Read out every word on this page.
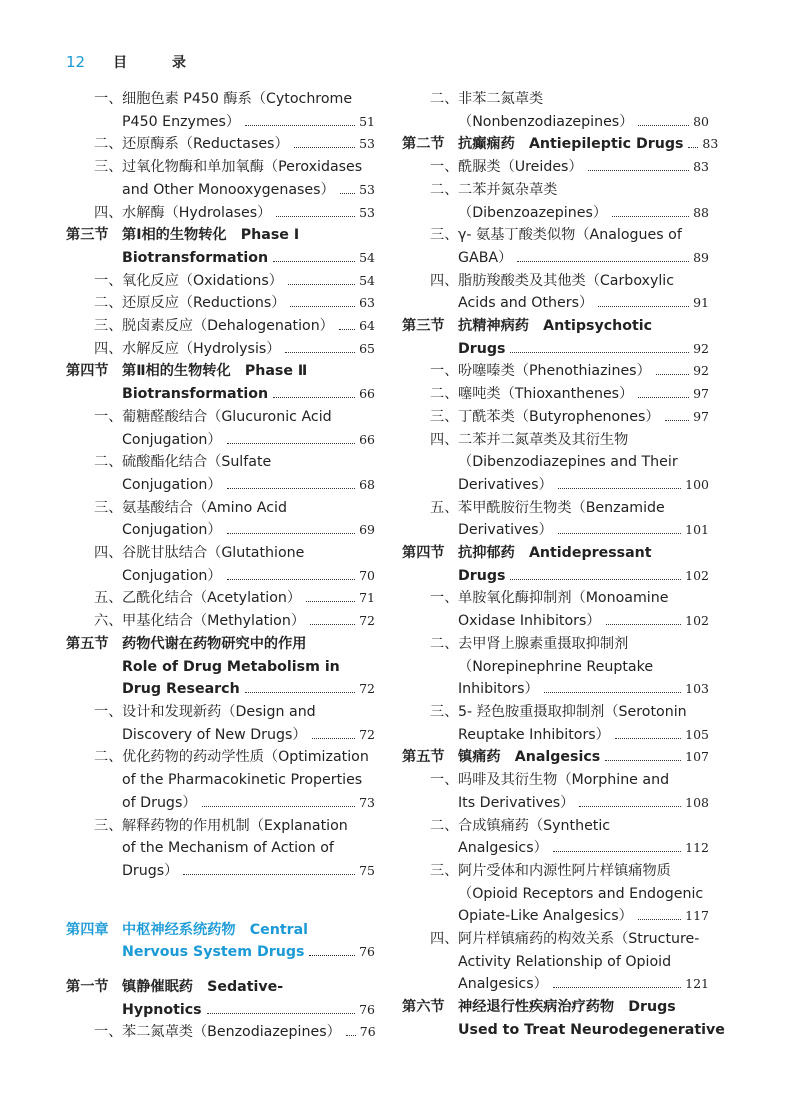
12 目 录
一、 细胞色素 P450 酶系（Cytochrome
P450 Enzymes）	51
二、 还原酶系（Reductases）	53
三、 过氧化物酶和单加氧酶（Peroxidases
and Other Monooxygenases） 53
四、 水解酶（Hydrolases）	53
第三节 第Ⅰ相的生物转化　Phase Ⅰ
Biotransformation	54
一、 氧化反应（Oxidations）	54
二、 还原反应（Reductions）	63
三、 脱卤素反应（Dehalogenation） 64
四、 水解反应（Hydrolysis）	65
第四节 第Ⅱ相的生物转化　Phase Ⅱ
Biotransformation	66
一、 葡糖醛酸结合（Glucuronic Acid
Conjugation）	66
二、 硫酸酯化结合（Sulfate
Conjugation）	68
三、 氨基酸结合（Amino Acid
Conjugation）	69
四、 谷胱甘肽结合（Glutathione
Conjugation）	70
五、 乙酰化结合（Acetylation）	71
六、 甲基化结合（Methylation）	72
第五节 药物代谢在药物研究中的作用
Role of Drug Metabolism in
Drug Research	72
一、 设计和发现新药（Design and
Discovery of New Drugs）	72
二、 优化药物的药动学性质（Optimization
of the Pharmacokinetic Properties
of Drugs）	73
三、 解释药物的作用机制（Explanation
of the Mechanism of Action of
Drugs）	75
第四章 中枢神经系统药物　Central
Nervous System Drugs	76
第一节 镇静催眠药　Sedative-
Hypnotics	76
一、 苯二氮䓬类（Benzodiazepines） 76
二、 非苯二氮䓬类
（Nonbenzodiazepines）	80
第二节 抗癫痫药　Antiepileptic Drugs 83
一、 酰脲类（Ureides）	83
二、 二苯并氮杂䓬类
（Dibenzoazepines）	88
三、 γ- 氨基丁酸类似物（Analogues of
GABA）	89
四、 脂肪羧酸类及其他类（Carboxylic
Acids and Others）	91
第三节 抗精神病药　Antipsychotic
Drugs	92
一、 吩噻嗪类（Phenothiazines）	92
二、 噻吨类（Thioxanthenes）	97
三、 丁酰苯类（Butyrophenones）	97
四、 二苯并二氮䓬类及其衍生物
（Dibenzodiazepines and Their
Derivatives）	100
五、 苯甲酰胺衍生物类（Benzamide
Derivatives）	101
第四节 抗抑郁药　Antidepressant
Drugs	102
一、 单胺氧化酶抑制剂（Monoamine
Oxidase Inhibitors）	102
二、 去甲肾上腺素重摄取抑制剂
（Norepinephrine Reuptake
Inhibitors）	103
三、 5- 羟色胺重摄取抑制剂（Serotonin
Reuptake Inhibitors）	105
第五节 镇痛药　Analgesics	107
一、 吗啡及其衍生物（Morphine and
Its Derivatives）	108
二、 合成镇痛药（Synthetic
Analgesics）	112
三、 阿片受体和内源性阿片样镇痛物质
（Opioid Receptors and Endogenic
Opiate-Like Analgesics）	117
四、 阿片样镇痛药的构效关系（Structure-
Activity Relationship of Opioid
Analgesics）	121
第六节 神经退行性疾病治疗药物　Drugs
Used to Treat Neurodegenerative
